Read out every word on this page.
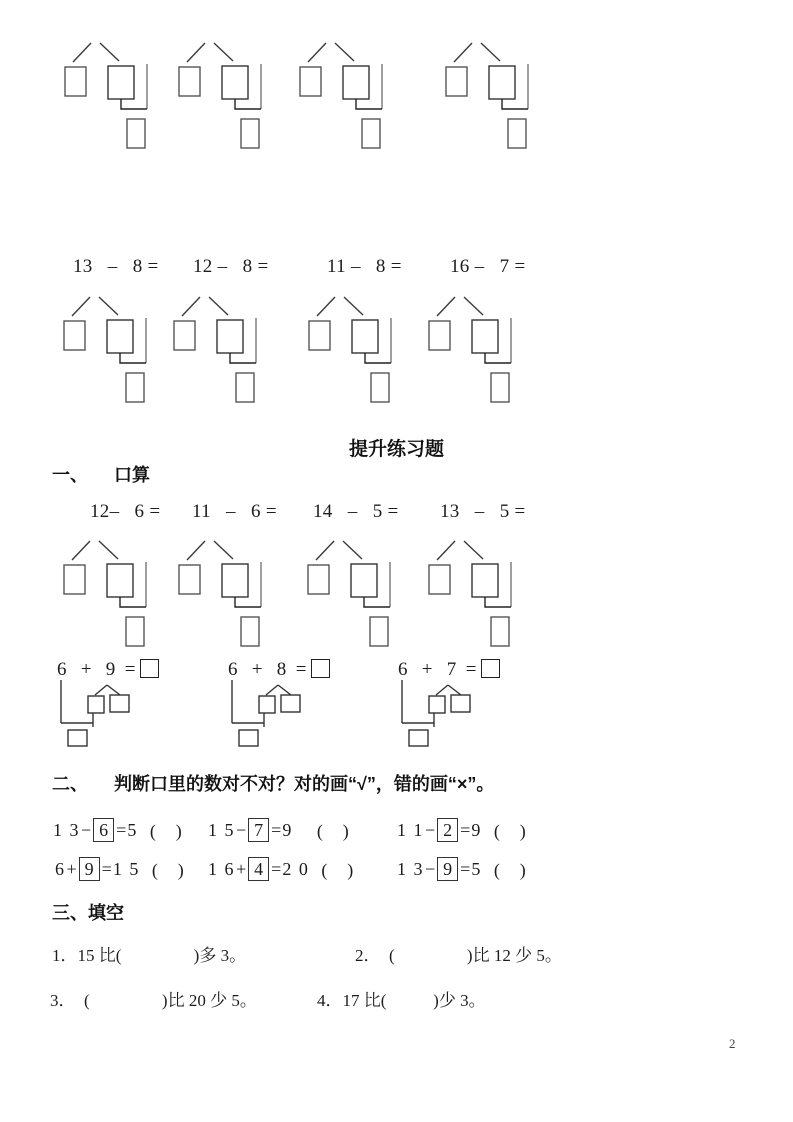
13   –   8 = 12 –   8 =	11 –   8 =	16 –   7 =
提升练习题
一、 口算
12–   6 = 11   –   6 = 14   –   5 = 13   –   5 =
6   +   9  =	6   +   8  =	6   +   7  =
二、 判断口里的数对不对？对的画“√”，错的画“×”。
1 3 − 6 = 5 (　) 1 5 − 7 = 9 (　)	1 1 − 2 = 9 (　)
6 + 9 = 1 5 (　) 1 6 + 4 = 2 0 (　) 1 3 − 9 = 5 (　)
三、填空
1．15 比(                 )多 3。	2．  (                 )比 12 少 5。
3．  (                 )比 20 少 5。	4．17 比(           )少 3。
2
